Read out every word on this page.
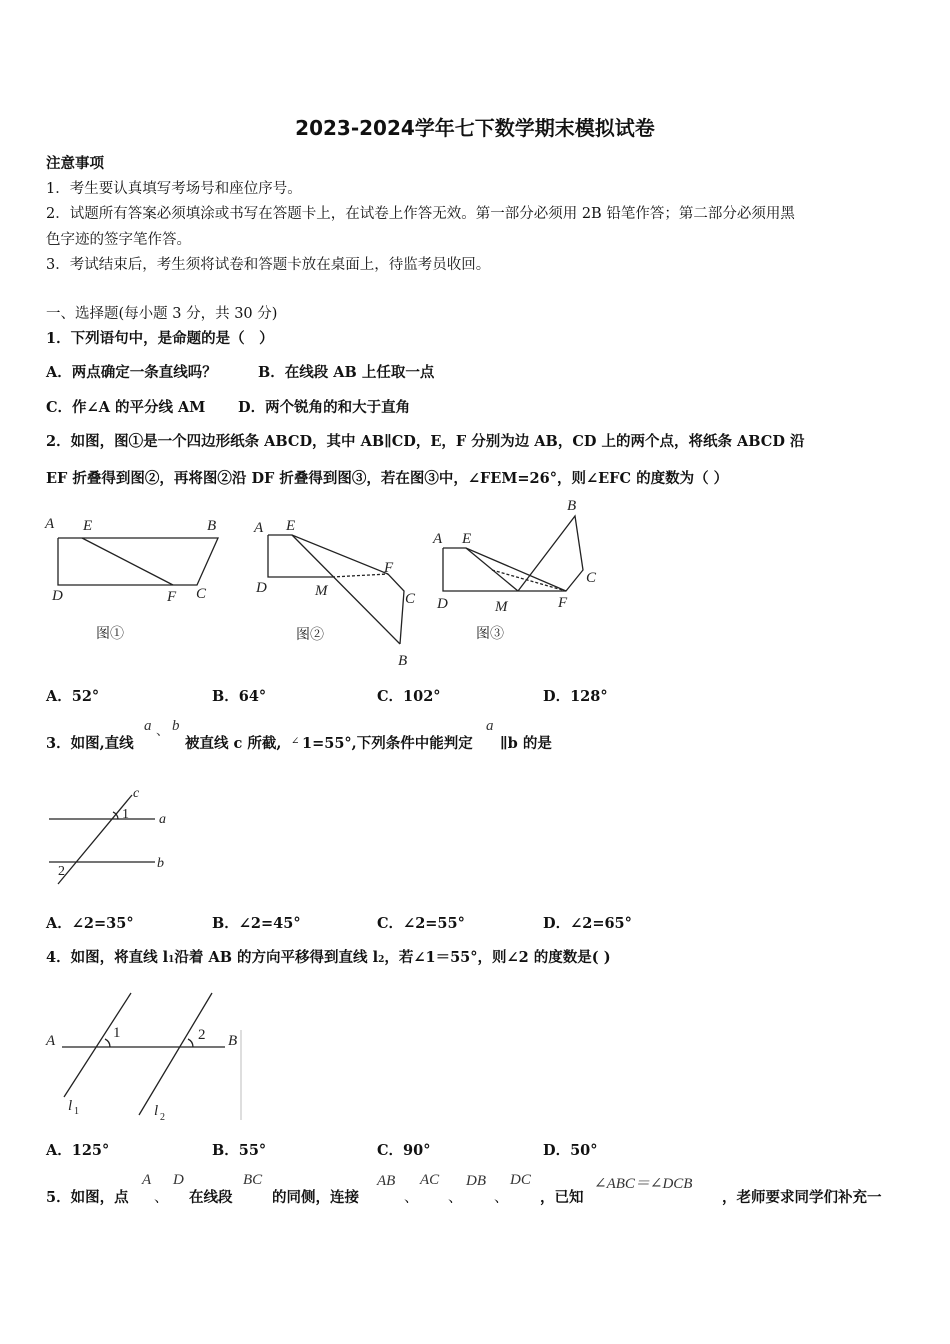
2023-2024学年七下数学期末模拟试卷
注意事项
1．考生要认真填写考场号和座位序号。
2．试题所有答案必须填涂或书写在答题卡上，在试卷上作答无效。第一部分必须用 2B 铅笔作答；第二部分必须用黑
色字迹的签字笔作答。
3．考试结束后，考生须将试卷和答题卡放在桌面上，待监考员收回。
一、选择题(每小题 3 分，共 30 分)
1．下列语句中，是命题的是（　）
A．两点确定一条直线吗？	B．在线段 AB 上任取一点
C．作∠A 的平分线 AM D．两个锐角的和大于直角
2．如图，图①是一个四边形纸条 ABCD，其中 AB∥CD，E，F 分别为边 AB，CD 上的两个点，将纸条 ABCD 沿
EF 折叠得到图②，再将图②沿 DF 折叠得到图③，若在图③中，∠FEM=26°，则∠EFC 的度数为（ ）
A E	B
D	F C
A E
D	M
F
C
B
A E
B
C
D	M	F
图①	图②	图③
A．52°	B．64°	C．102°	D．128°
3．如图,直线
a 、 b
被直线 c 所截, ∠ 1=55°,下列条件中能判定
a
∥b 的是
c
a
b
1
2
A．∠2=35°	B．∠2=45°	C．∠2=55°	D．∠2=65°
4．如图，将直线 l1沿着 AB 的方向平移得到直线 l2，若∠1＝55°，则∠2 的度数是( )
A	B
1	2
l 1	l 2
A．125°	B．55°	C．90°	D．50°
5．如图，点
A
、
D
在线段
BC
的同侧，连接
AB
、
AC
、
DB
、
DC
，已知
∠ABC＝∠DCB
，老师要求同学们补充一
